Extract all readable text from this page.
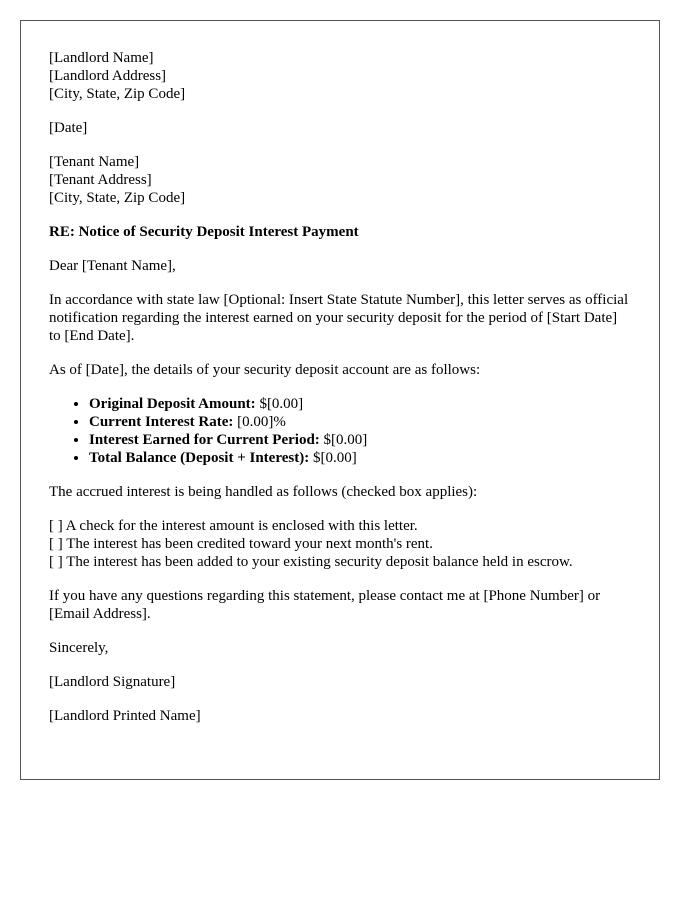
[Landlord Name]
[Landlord Address]
[City, State, Zip Code]
[Date]
[Tenant Name]
[Tenant Address]
[City, State, Zip Code]
RE: Notice of Security Deposit Interest Payment
Dear [Tenant Name],

In accordance with state law [Optional: Insert State Statute Number], this letter serves as official notification regarding the interest earned on your security deposit for the period of [Start Date] to [End Date].

As of [Date], the details of your security deposit account are as follows:
• Original Deposit Amount: $[0.00]
• Current Interest Rate: [0.00]%
• Interest Earned for Current Period: $[0.00]
• Total Balance (Deposit + Interest): $[0.00]
The accrued interest is being handled as follows (checked box applies):
[ ] A check for the interest amount is enclosed with this letter.
[ ] The interest has been credited toward your next month's rent.
[ ] The interest has been added to your existing security deposit balance held in escrow.

If you have any questions regarding this statement, please contact me at [Phone Number] or [Email Address].

Sincerely,
[Landlord Signature]
[Landlord Printed Name]
